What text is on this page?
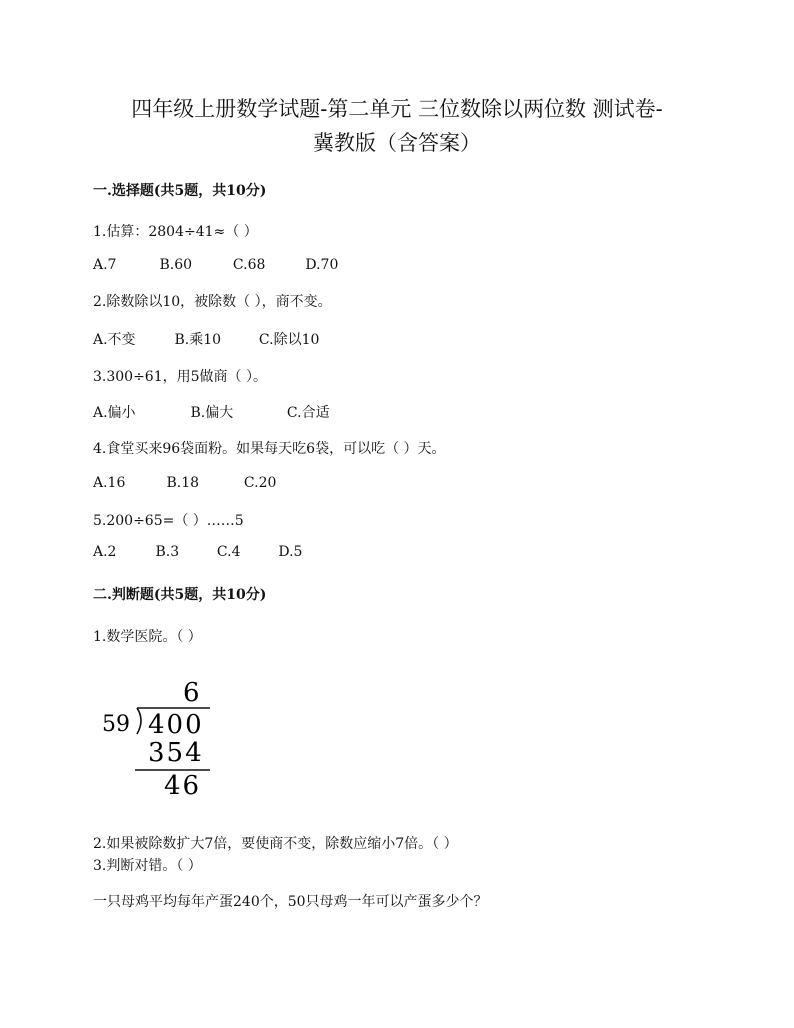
四年级上册数学试题-第二单元 三位数除以两位数 测试卷-
冀教版（含答案）
一.选择题(共5题，共10分)

1.估算：2804÷41≈（ ）

A.7	B.60	C.68	D.70

2.除数除以10，被除数（ ），商不变。

A.不变	B.乘10	C.除以10

3.300÷61，用5做商（ ）。

A.偏小	B.偏大	C.合适

4.食堂买来96袋面粉。如果每天吃6袋，可以吃（ ）天。

A.16	B.18	C.20

5.200÷65=（ ）……5

A.2	B.3	C.4	D.5
二.判断题(共5题，共10分)

1.数学医院。（ ）

6
59 400
354
46

2.如果被除数扩大7倍，要使商不变，除数应缩小7倍。（ ）

3.判断对错。（ ）

一只母鸡平均每年产蛋240个，50只母鸡一年可以产蛋多少个？
